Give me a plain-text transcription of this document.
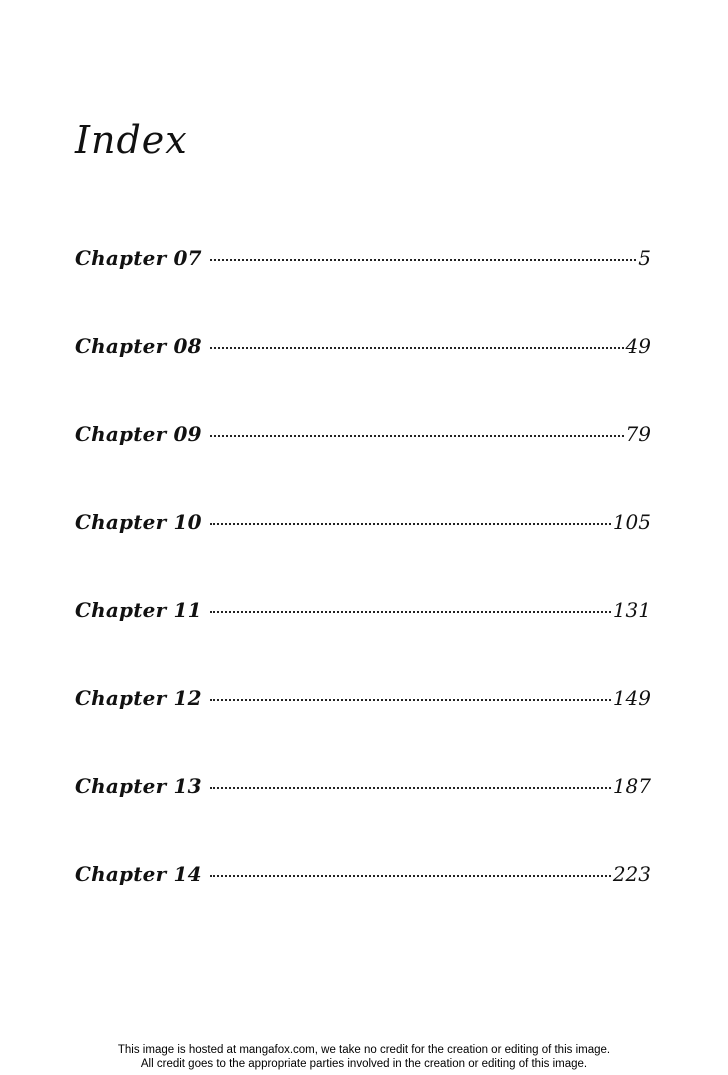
Index
Chapter 07	5
Chapter 08	49
Chapter 09	79
Chapter 10	105
Chapter 11	131
Chapter 12	149
Chapter 13	187
Chapter 14	223
This image is hosted at mangafox.com, we take no credit for the creation or editing of this image.
All credit goes to the appropriate parties involved in the creation or editing of this image.
